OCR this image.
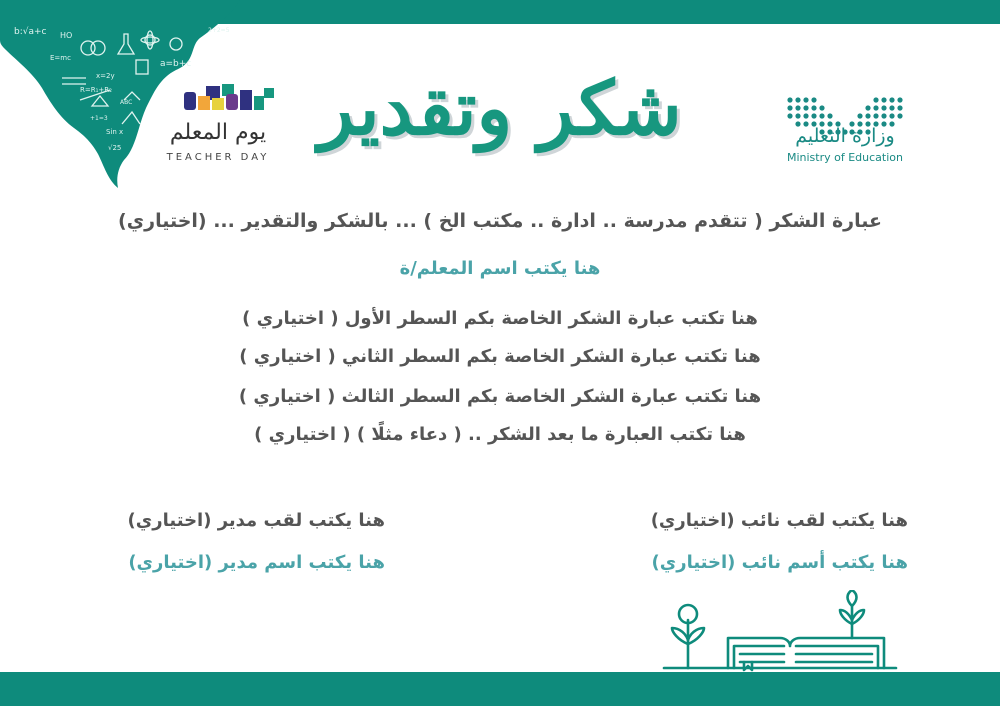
b:√a+c HO
a=b+c
E=mc
R=R₁+R₂
Sin x
√25
ABC
+1=3
2+2=5
x=2y
يوم المعلم
TEACHER DAY
شكر وتقدير	وزارة التعليم
Ministry of Education
عبارة الشكر ( تتقدم مدرسة .. ادارة .. مكتب الخ ) ... بالشكر والتقدير ... (اختياري)
هنا يكتب اسم المعلم/ة
هنا تكتب عبارة الشكر الخاصة بكم السطر الأول ( اختياري )
هنا تكتب عبارة الشكر الخاصة بكم السطر الثاني ( اختياري )
هنا تكتب عبارة الشكر الخاصة بكم السطر الثالث ( اختياري )
هنا تكتب العبارة ما بعد الشكر .. ( دعاء مثلًا ) ( اختياري )
هنا يكتب لقب مدير (اختياري)
هنا يكتب اسم مدير (اختياري)
هنا يكتب لقب نائب (اختياري)
هنا يكتب أسم نائب (اختياري)
